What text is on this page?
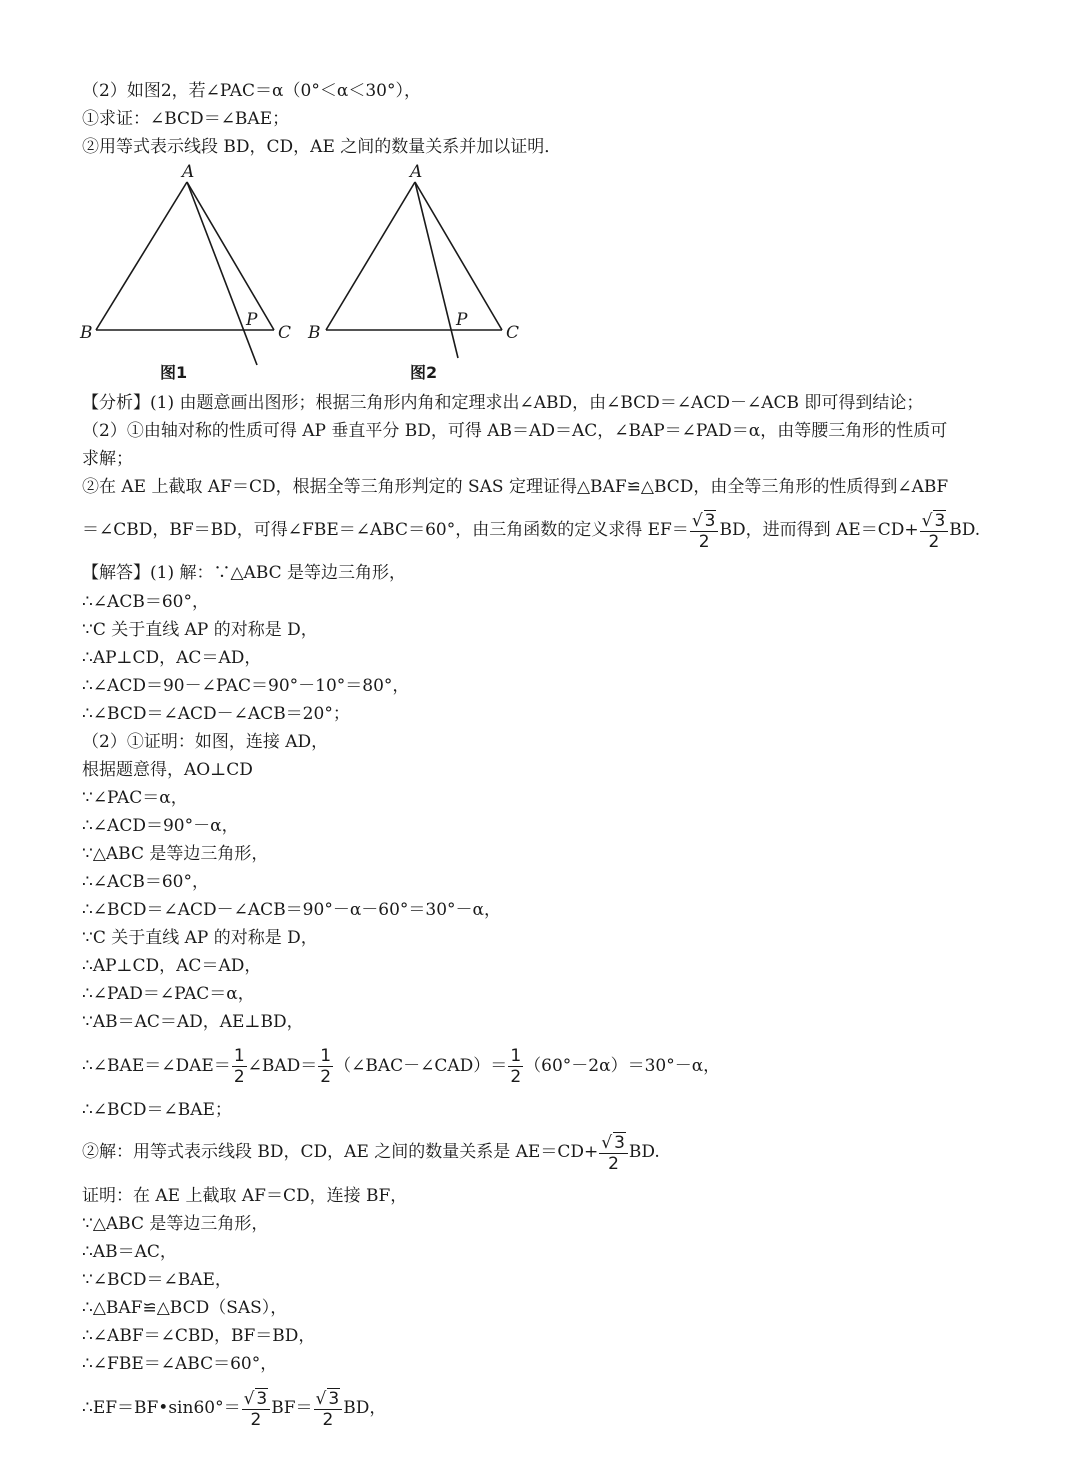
（2）如图2，若∠PAC＝α（0°＜α＜30°），
①求证：∠BCD＝∠BAE；
②用等式表示线段 BD，CD，AE 之间的数量关系并加以证明．
A
B	C
P
A
B	C
P
图1	图2
【分析】(1) 由题意画出图形；根据三角形内角和定理求出∠ABD，由∠BCD＝∠ACD－∠ACB 即可得到结论；
（2）①由轴对称的性质可得 AP 垂直平分 BD，可得 AB＝AD＝AC，∠BAP＝∠PAD＝α，由等腰三角形的性质可
求解；
②在 AE 上截取 AF＝CD，根据全等三角形判定的 SAS 定理证得△BAF≌△BCD，由全等三角形的性质得到∠ABF
＝∠CBD，BF＝BD，可得∠FBE＝∠ABC＝60°，由三角函数的定义求得 $EF= \frac{√ 3}{2}$ BD，进而得到 $AE=CD+ \frac{√ 3}{2}$ BD.
【解答】(1) 解：∵△ABC 是等边三角形，
∴∠ACB＝60°，
∵C 关于直线 AP 的对称是 D，
∴AP⊥CD，AC＝AD，
∴∠ACD＝90－∠PAC＝90°－10°＝80°，
∴∠BCD＝∠ACD－∠ACB＝20°；
（2）①证明：如图，连接 AD，
根据题意得，AO⊥CD
∵∠PAC＝α，
∴∠ACD＝90°－α，
∵△ABC 是等边三角形，
∴∠ACB＝60°，
∴∠BCD＝∠ACD－∠ACB＝90°－α－60°＝30°－α，
∵C 关于直线 AP 的对称是 D，
∴AP⊥CD，AC＝AD，
∴∠PAD＝∠PAC＝α，
∵AB＝AC＝AD，AE⊥BD，
∴∠BAE＝∠DAE＝ $\frac{1}{2}$ ∠BAD＝ $\frac{1}{2}$ （∠BAC－∠CAD）＝ $\frac{1}{2} (60^\circ-2\alpha)=30^\circ-\alpha$，
∴∠BCD＝∠BAE；
②解：用等式表示线段 BD，CD，AE 之间的数量关系是 $AE=CD+ \frac{√ 3}{2}$ BD.
证明：在 AE 上截取 AF＝CD，连接 BF，
∵△ABC 是等边三角形，
∴AB＝AC，
∵∠BCD＝∠BAE，
∴△BAF≌△BCD（SAS），
∴∠ABF＝∠CBD，BF＝BD，
∴∠FBE＝∠ABC＝60°，
∴EF＝BF•sin60°＝ $\frac{√ 3}{2} BF= \frac{√ 3}{2}$ BD，
